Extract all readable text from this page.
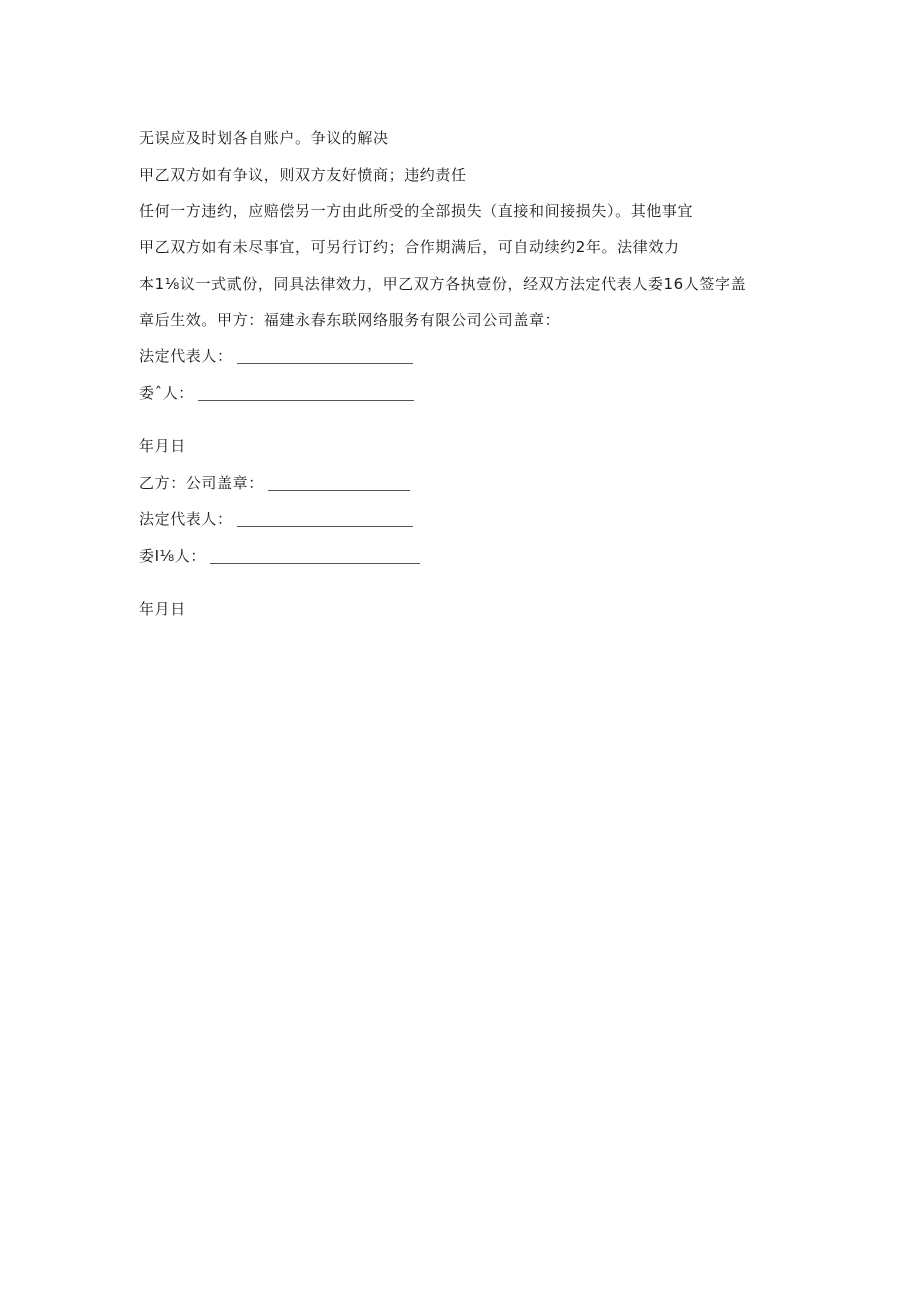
无误应及时划各自账户。争议的解决
甲乙双方如有争议，则双方友好愤商；违约责任
任何一方违约，应赔偿另一方由此所受的全部损失（直接和间接损失）。其他事宜
甲乙双方如有未尽事宜，可另行订约；合作期满后，可自动续约2年。法律效力
本1⅛议一式贰份，同具法律效力，甲乙双方各执壹份，经双方法定代表人委16人签字盖
章后生效。甲方：福建永春东联网络服务有限公司公司盖章：
法定代表人：
委ˆ人：
年月日
乙方：公司盖章：
法定代表人：
委I⅛人：
年月日
